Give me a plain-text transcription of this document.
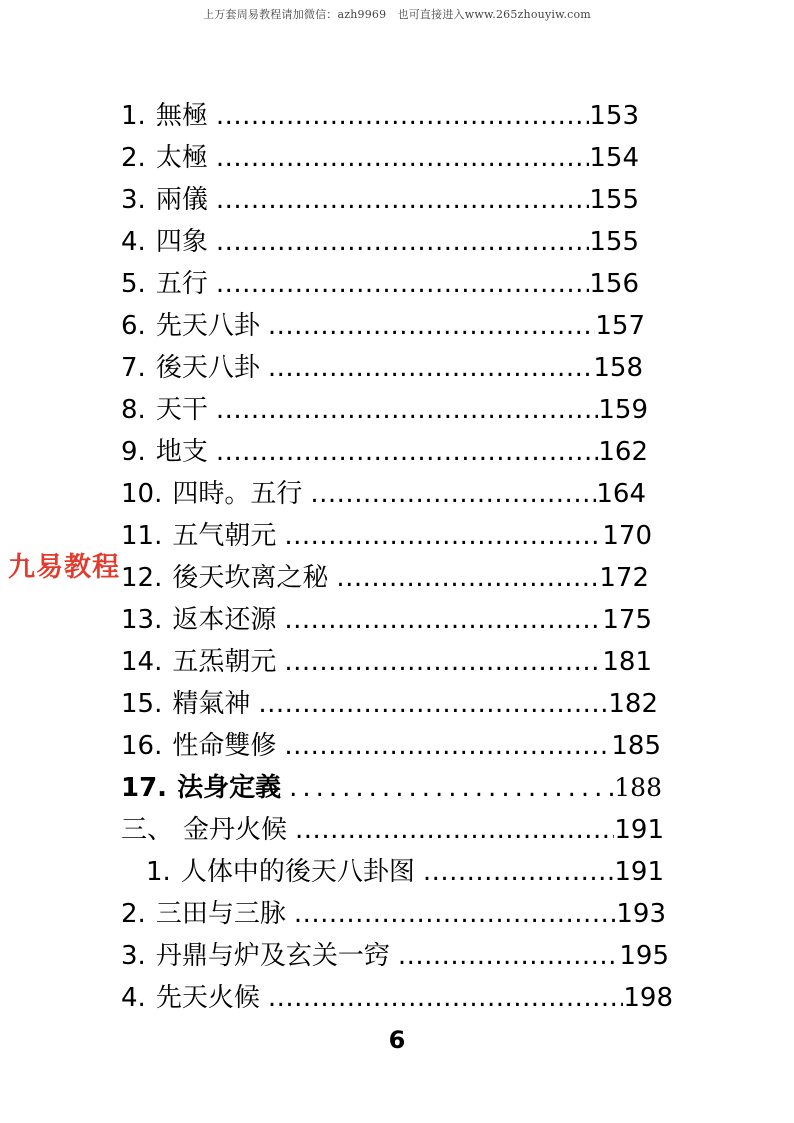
上万套周易教程请加微信：azh9969　也可直接进入www.265zhouyiw.com
1. 無極 .....	153
2. 太極 .....	154
3. 兩儀 .....	155
4. 四象 .....	155
5. 五行 .....	156
6. 先天八卦 .....	157
7. 後天八卦 .....	158
8. 天干 .....	159
9. 地支 .....	162
10. 四時。五行 .....	164
11. 五气朝元 .....	170
12. 後天坎离之秘 .....	172
13. 返本还源 .....	175
14. 五炁朝元 .....	181
15. 精氣神 .....	182
16. 性命雙修 .....	185
17. 法身定義 .....	188
三、 金丹火候 .....	191
1. 人体中的後天八卦图 .....	191
2. 三田与三脉 .....	193
3. 丹鼎与炉及玄关一窍 .....	195
4. 先天火候 .....	198
九易教程
6
